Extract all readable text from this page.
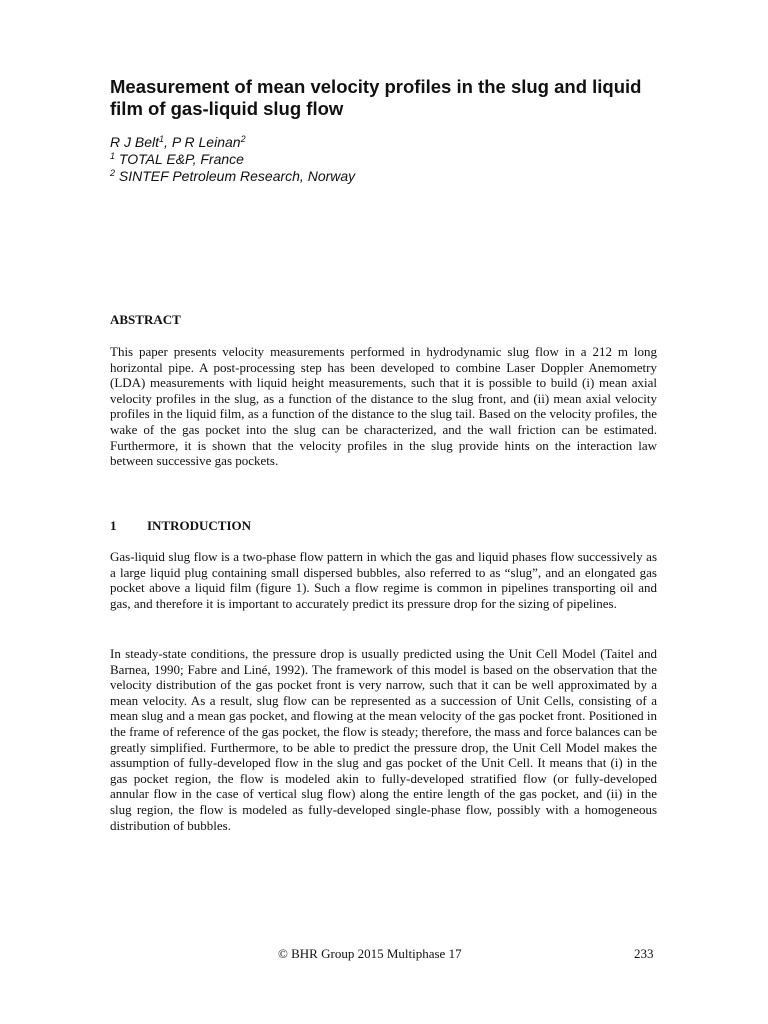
Measurement of mean velocity profiles in the slug and liquid film of gas-liquid slug flow
R J Belt$^1$, P R Leinan$^2$
$^1$ TOTAL E&P, France
$^2$ SINTEF Petroleum Research, Norway
ABSTRACT

This paper presents velocity measurements performed in hydrodynamic slug flow in a 212 m long horizontal pipe. A post-processing step has been developed to combine Laser Doppler Anemometry (LDA) measurements with liquid height measurements, such that it is possible to build (i) mean axial velocity profiles in the slug, as a function of the distance to the slug front, and (ii) mean axial velocity profiles in the liquid film, as a function of the distance to the slug tail. Based on the velocity profiles, the wake of the gas pocket into the slug can be characterized, and the wall friction can be estimated. Furthermore, it is shown that the velocity profiles in the slug provide hints on the interaction law between successive gas pockets.

1 INTRODUCTION

Gas-liquid slug flow is a two-phase flow pattern in which the gas and liquid phases flow successively as a large liquid plug containing small dispersed bubbles, also referred to as “slug”, and an elongated gas pocket above a liquid film (figure 1). Such a flow regime is common in pipelines transporting oil and gas, and therefore it is important to accurately predict its pressure drop for the sizing of pipelines.

In steady-state conditions, the pressure drop is usually predicted using the Unit Cell Model (Taitel and Barnea, 1990; Fabre and Liné, 1992). The framework of this model is based on the observation that the velocity distribution of the gas pocket front is very narrow, such that it can be well approximated by a mean velocity. As a result, slug flow can be represented as a succession of Unit Cells, consisting of a mean slug and a mean gas pocket, and flowing at the mean velocity of the gas pocket front. Positioned in the frame of reference of the gas pocket, the flow is steady; therefore, the mass and force balances can be greatly simplified. Furthermore, to be able to predict the pressure drop, the Unit Cell Model makes the assumption of fully-developed flow in the slug and gas pocket of the Unit Cell. It means that (i) in the gas pocket region, the flow is modeled akin to fully-developed stratified flow (or fully-developed annular flow in the case of vertical slug flow) along the entire length of the gas pocket, and (ii) in the slug region, the flow is modeled as fully-developed single-phase flow, possibly with a homogeneous distribution of bubbles.

© BHR Group 2015 Multiphase 17	233
